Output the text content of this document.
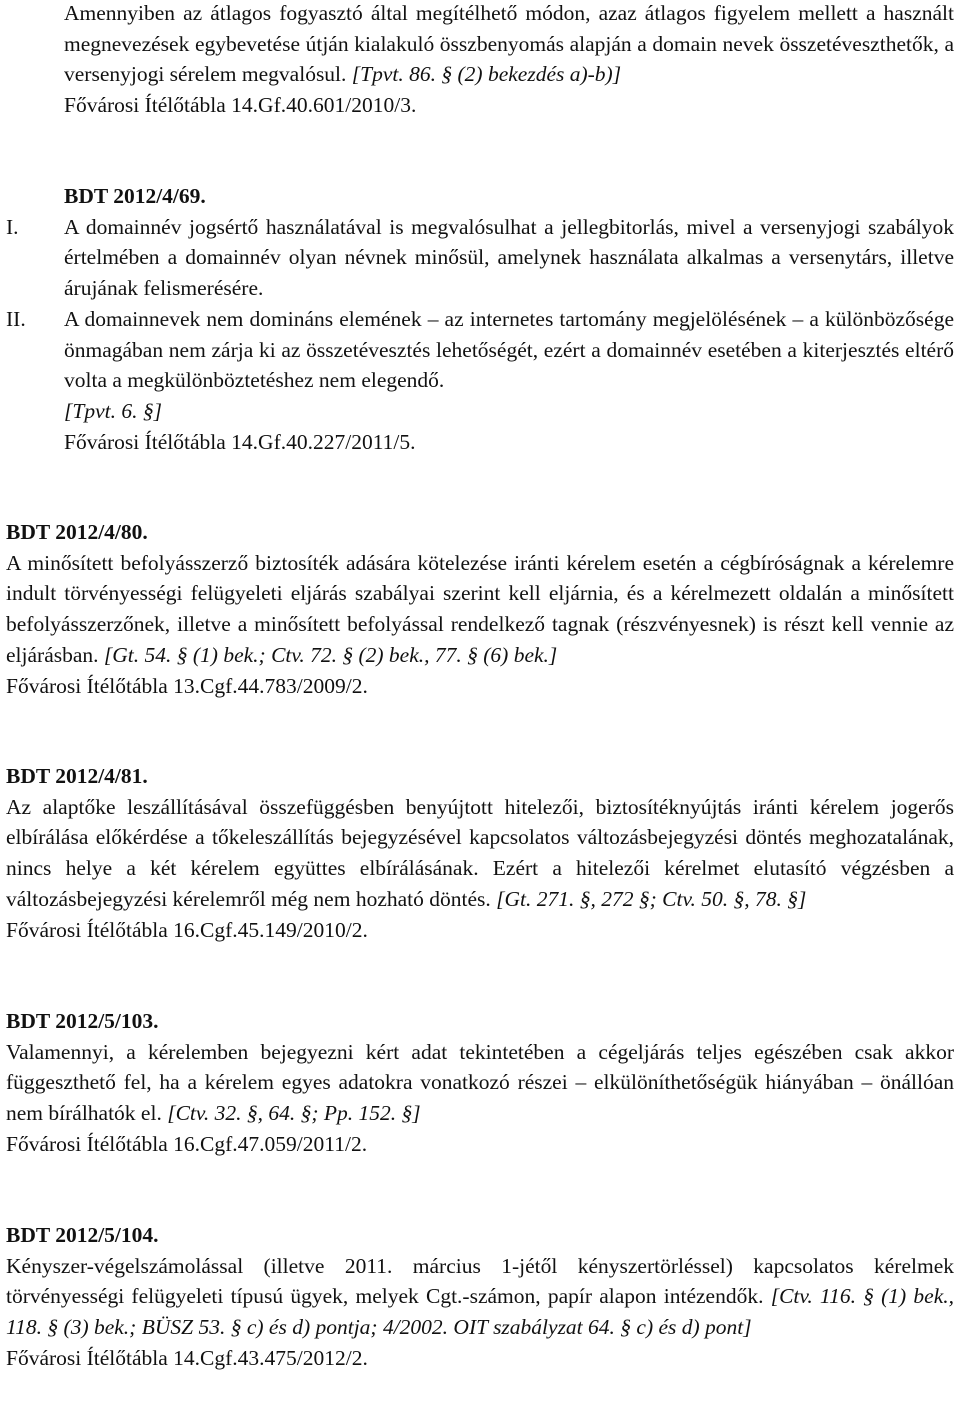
Amennyiben az átlagos fogyasztó által megítélhető módon, azaz átlagos figyelem mellett a használt megnevezések egybevetése útján kialakuló összbenyomás alapján a domain nevek összetéveszthetők, a versenyjogi sérelem megvalósul. [Tpvt. 86. § (2) bekezdés a)-b)]

Fővárosi Ítélőtábla 14.Gf.40.601/2010/3.

BDT 2012/4/69.

I. A domainnév jogsértő használatával is megvalósulhat a jellegbitorlás, mivel a versenyjogi szabályok értelmében a domainnév olyan névnek minősül, amelynek használata alkalmas a versenytárs, illetve árujának felismerésére.
II. A domainnevek nem domináns elemének – az internetes tartomány megjelölésének – a különbözősége önmagában nem zárja ki az összetévesztés lehetőségét, ezért a domainnév esetében a kiterjesztés eltérő volta a megkülönböztetéshez nem elegendő.

[Tpvt. 6. §]

Fővárosi Ítélőtábla 14.Gf.40.227/2011/5.

BDT 2012/4/80.

A minősített befolyásszerző biztosíték adására kötelezése iránti kérelem esetén a cégbíróságnak a kérelemre indult törvényességi felügyeleti eljárás szabályai szerint kell eljárnia, és a kérelmezett oldalán a minősített befolyásszerzőnek, illetve a minősített befolyással rendelkező tagnak (részvényesnek) is részt kell vennie az eljárásban. [Gt. 54. § (1) bek.; Ctv. 72. § (2) bek., 77. § (6) bek.]

Fővárosi Ítélőtábla 13.Cgf.44.783/2009/2.

BDT 2012/4/81.

Az alaptőke leszállításával összefüggésben benyújtott hitelezői, biztosítéknyújtás iránti kérelem jogerős elbírálása előkérdése a tőkeleszállítás bejegyzésével kapcsolatos változásbejegyzési döntés meghozatalának, nincs helye a két kérelem együttes elbírálásának. Ezért a hitelezői kérelmet elutasító végzésben a változásbejegyzési kérelemről még nem hozható döntés. [Gt. 271. §, 272 §; Ctv. 50. §, 78. §]

Fővárosi Ítélőtábla 16.Cgf.45.149/2010/2.

BDT 2012/5/103.

Valamennyi, a kérelemben bejegyezni kért adat tekintetében a cégeljárás teljes egészében csak akkor függeszthető fel, ha a kérelem egyes adatokra vonatkozó részei – elkülöníthetőségük hiányában – önállóan nem bírálhatók el. [Ctv. 32. §, 64. §; Pp. 152. §]

Fővárosi Ítélőtábla 16.Cgf.47.059/2011/2.

BDT 2012/5/104.

Kényszer-végelszámolással (illetve 2011. március 1-jétől kényszertörléssel) kapcsolatos kérelmek törvényességi felügyeleti típusú ügyek, melyek Cgt.-számon, papír alapon intézendők. [Ctv. 116. § (1) bek., 118. § (3) bek.; BÜSZ 53. § c) és d) pontja; 4/2002. OIT szabályzat 64. § c) és d) pont]

Fővárosi Ítélőtábla 14.Cgf.43.475/2012/2.
